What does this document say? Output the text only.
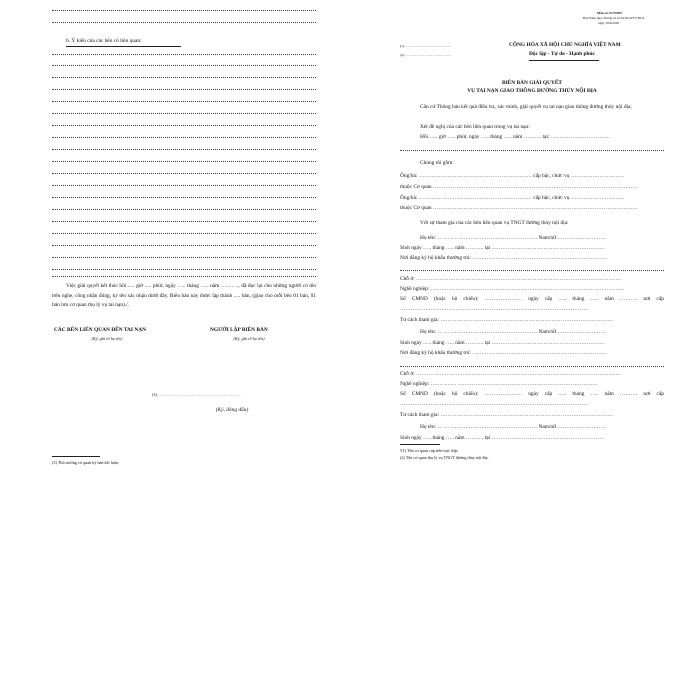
6. Ý kiến của các bên có liên quan:
Việc giải quyết kết thúc hồi ..... giờ ..... phút, ngày ….. tháng ….. năm ………., đã đọc lại cho những người có tên trên nghe, công nhận đúng, ký tên xác nhận dưới đây. Biên bản này được lập thành ..... bản, (giao cho mỗi bên 01 bản, 01 bản lưu cơ quan thụ lý vụ tai nạn)./.
CÁC BÊN LIÊN QUAN ĐẾN TAI NẠN
(Ký, ghi rõ họ tên)
NGƯỜI LẬP BIÊN BẢN
(Ký, ghi rõ họ tên)
(3)……………………………………………………
(Ký, đóng dấu)
(3) Thủ trưởng cơ quan ký bản kết luận.
Mẫu số 15/TNĐT
Ban hành theo Thông tư số 64/2019/TT-BCA
ngày 19/6/2020
(1)……………………………………
(2)……………………………………
CỘNG HÒA XÃ HỘI CHỦ NGHĨA VIỆT NAM
Độc lập - Tự do - Hạnh phúc
BIÊN BẢN GIẢI QUYẾT
VỤ TAI NẠN GIAO THÔNG ĐƯỜNG THỦY NỘI ĐỊA
Căn cứ Thông báo kết quả điều tra, xác minh, giải quyết vụ tai nạn giao thông đường thủy nội địa;
Xét đề nghị của các bên liên quan trong vụ tai nạn:
Hồi ….. giờ ….. phút, ngày ….. tháng ….. năm ………. tại: ……………………………
Chúng tôi gồm:
Ông/bà: ……………………………………………………… cấp bậc, chức vụ …………………………
thuộc Cơ quan ……………………………………………………………………………………………………
Ông/bà: ……………………………………………………… cấp bậc, chức vụ …………………………
thuộc Cơ quan ……………………………………………………………………………………………………
Với sự tham gia của các bên liên quan vụ TNGT đường thủy nội địa:
Họ tên: … … ………………………………………… Nam/nữ ………………………
Sinh ngày ….. tháng ….. năm ………. tại ………………………………………………………
Nơi đăng ký hộ khẩu thường trú: …………………………………………………………………
Chỗ ở: ……………………………………………………………………………………………………
Nghề nghiệp: ………………………………………………………………………………………………
Số CMND (hoặc hộ chiếu): ………………… ngày cấp ….. tháng ….. năm ………. nơi cấp ……………………………………………………………………………………………
Tư cách tham gia: ……………………………………………………………………………………
Họ tên: … … ………………………………………… Nam/nữ ………………………
Sinh ngày ….. tháng ….. năm ………. tại ………………………………………………………
Nơi đăng ký hộ khẩu thường trú: …………………………………………………………………
Chỗ ở: ……………………………………………………………………………………………………
Nghề nghiệp: ……. ……. ……………………………………………………………………
Số CMND (hoặc hộ chiếu): ………………… ngày cấp ….. tháng ….. năm ………. nơi cấp ……………………………………………………………………………………………
Tư cách tham gia: ……………………………………………………………………………………
Họ tên: … … ………………………………………… Nam/nữ ………………………
Sinh ngày ….. tháng ….. năm ………. tại ………………………………………………………
¹(1) Tên cơ quan cấp trên trực tiếp;
(2) Tên cơ quan thụ lý vụ TNGT đường thủy nội địa.
